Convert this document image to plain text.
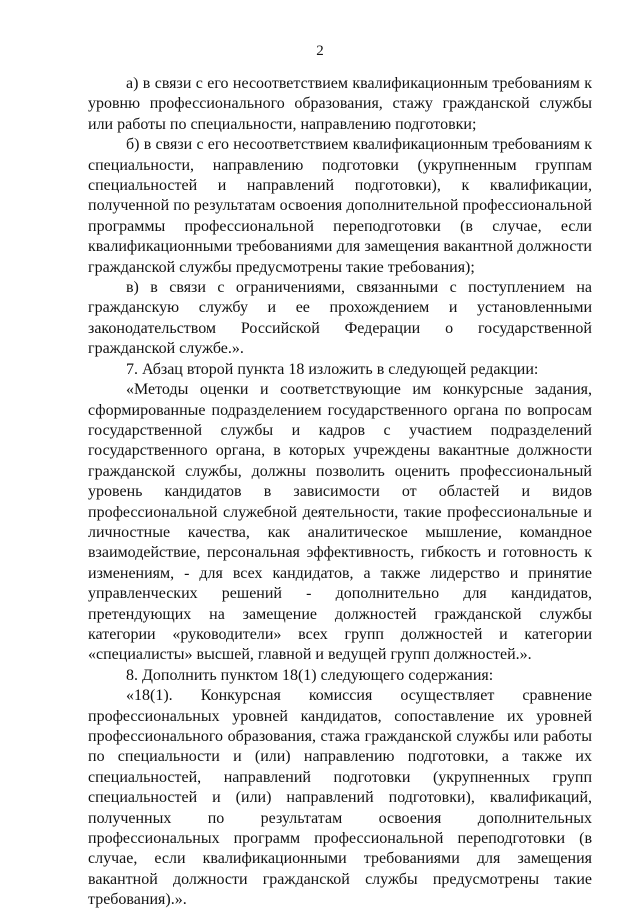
2

а) в связи с его несоответствием квалификационным требованиям к уровню профессионального образования, стажу гражданской службы или работы по специальности, направлению подготовки;

б) в связи с его несоответствием квалификационным требованиям к специальности, направлению подготовки (укрупненным группам специальностей и направлений подготовки), к квалификации, полученной по результатам освоения дополнительной профессиональной программы профессиональной переподготовки (в случае, если квалификационными требованиями для замещения вакантной должности гражданской службы предусмотрены такие требования);

в) в связи с ограничениями, связанными с поступлением на гражданскую службу и ее прохождением и установленными законодательством Российской Федерации о государственной гражданской службе.».

7. Абзац второй пункта 18 изложить в следующей редакции:

«Методы оценки и соответствующие им конкурсные задания, сформированные подразделением государственного органа по вопросам государственной службы и кадров с участием подразделений государственного органа, в которых учреждены вакантные должности гражданской службы, должны позволить оценить профессиональный уровень кандидатов в зависимости от областей и видов профессиональной служебной деятельности, такие профессиональные и личностные качества, как аналитическое мышление, командное взаимодействие, персональная эффективность, гибкость и готовность к изменениям, - для всех кандидатов, а также лидерство и принятие управленческих решений - дополнительно для кандидатов, претендующих на замещение должностей гражданской службы категории «руководители» всех групп должностей и категории «специалисты» высшей, главной и ведущей групп должностей.».

8. Дополнить пунктом 18(1) следующего содержания:

«18(1). Конкурсная комиссия осуществляет сравнение профессиональных уровней кандидатов, сопоставление их уровней профессионального образования, стажа гражданской службы или работы по специальности и (или) направлению подготовки, а также их специальностей, направлений подготовки (укрупненных групп специальностей и (или) направлений подготовки), квалификаций, полученных по результатам освоения дополнительных профессиональных программ профессиональной переподготовки (в случае, если квалификационными требованиями для замещения вакантной должности гражданской службы предусмотрены такие требования).».
